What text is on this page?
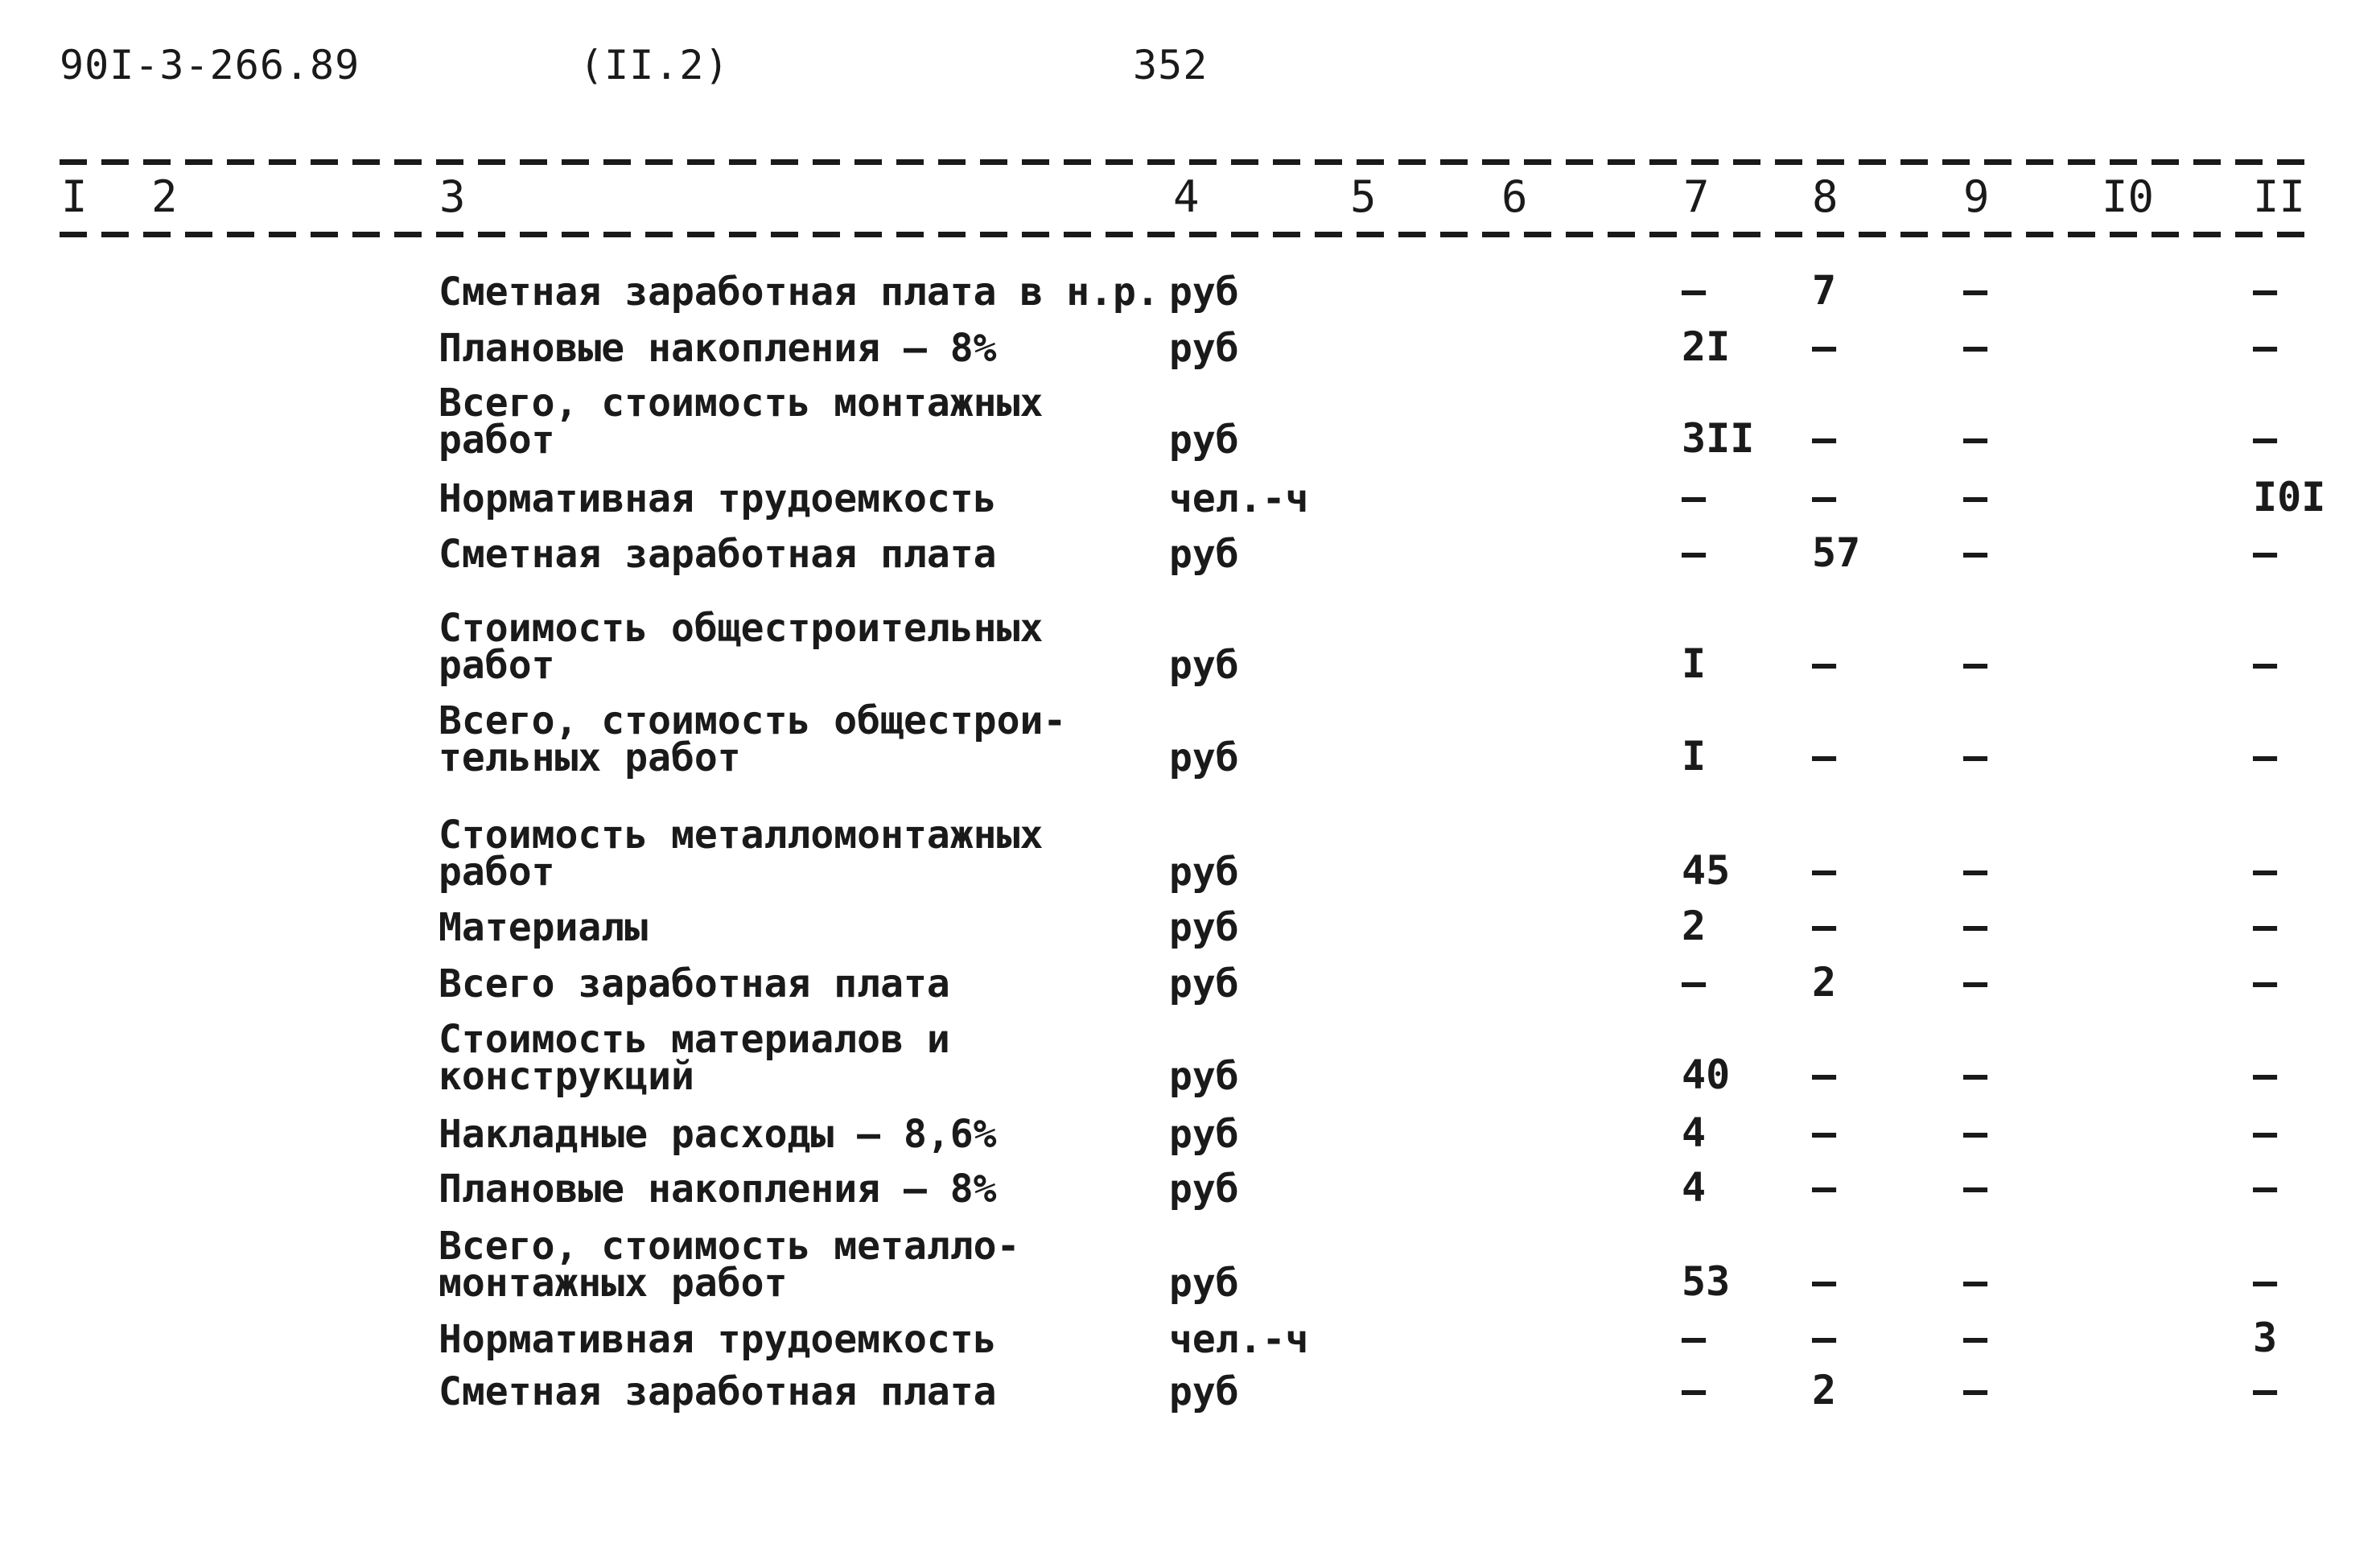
90I-3-266.89	(II.2)	352
I 2	3	4	5	6	7 8	9	I0 II
Сметная заработная плата в н.р. руб	–	7	–	–
Плановые накопления – 8%	руб	2I –	–	–
Всего, стоимость монтажных
работ	руб	3II –	–	–
Нормативная трудоемкость	чел.-ч	–	–	–	I0I
Сметная заработная плата	руб	–	57	–	–
Стоимость общестроительных
работ	руб	I	–	–	–
Всего, стоимость общестрои-
тельных работ	руб	I	–	–	–
Стоимость металломонтажных
работ	руб	45 –	–	–
Материалы	руб	2	–	–	–
Всего заработная плата	руб	–	2	–	–
Стоимость материалов и
конструкций	руб	40 –	–	–
Накладные расходы – 8,6%	руб	4	–	–	–
Плановые накопления – 8%	руб	4	–	–	–
Всего, стоимость металло-
монтажных работ	руб	53 –	–	–
Нормативная трудоемкость	чел.-ч	–	–	–	3
Сметная заработная плата	руб	–	2	–	–
